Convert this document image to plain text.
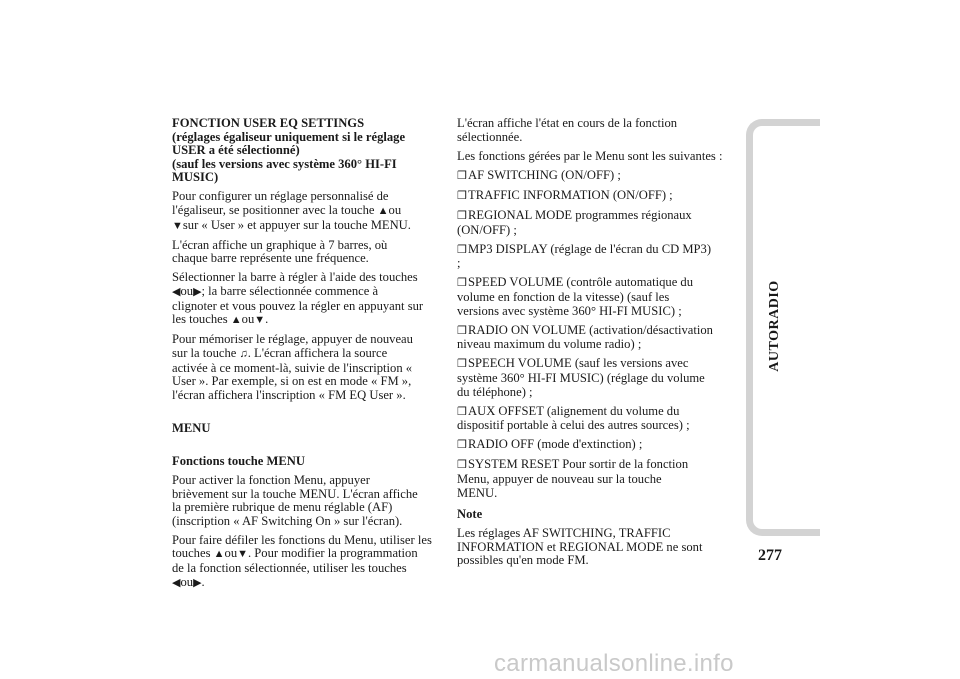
FONCTION USER EQ SETTINGS
(réglages égaliseur uniquement si le réglage
USER a été sélectionné)
(sauf les versions avec système 360° HI-FI
MUSIC)
Pour configurer un réglage personnalisé de
l'égaliseur, se positionner avec la touche ▲ou
▼sur « User » et appuyer sur la touche MENU.
L'écran affiche un graphique à 7 barres, où
chaque barre représente une fréquence.
Sélectionner la barre à régler à l'aide des touches
◀ou▶; la barre sélectionnée commence à
clignoter et vous pouvez la régler en appuyant sur
les touches ▲ou▼.
Pour mémoriser le réglage, appuyer de nouveau
sur la touche ♫. L'écran affichera la source
activée à ce moment-là, suivie de l'inscription «
User ». Par exemple, si on est en mode « FM »,
l'écran affichera l'inscription « FM EQ User ».
MENU
Fonctions touche MENU
Pour activer la fonction Menu, appuyer
brièvement sur la touche MENU. L'écran affiche
la première rubrique de menu réglable (AF)
(inscription « AF Switching On » sur l'écran).
Pour faire défiler les fonctions du Menu, utiliser les
touches ▲ou▼. Pour modifier la programmation
de la fonction sélectionnée, utiliser les touches
◀ou▶.
L'écran affiche l'état en cours de la fonction
sélectionnée.
Les fonctions gérées par le Menu sont les suivantes :
❒AF SWITCHING (ON/OFF) ;
❒TRAFFIC INFORMATION (ON/OFF) ;
❒REGIONAL MODE programmes régionaux
(ON/OFF) ;
❒MP3 DISPLAY (réglage de l'écran du CD MP3)
;
❒SPEED VOLUME (contrôle automatique du
volume en fonction de la vitesse) (sauf les
versions avec système 360° HI-FI MUSIC) ;
❒RADIO ON VOLUME (activation/désactivation
niveau maximum du volume radio) ;
❒SPEECH VOLUME (sauf les versions avec
système 360° HI-FI MUSIC) (réglage du volume
du téléphone) ;
❒AUX OFFSET (alignement du volume du
dispositif portable à celui des autres sources) ;
❒RADIO OFF (mode d'extinction) ;
❒SYSTEM RESET Pour sortir de la fonction
Menu, appuyer de nouveau sur la touche
MENU.
Note
Les réglages AF SWITCHING, TRAFFIC
INFORMATION et REGIONAL MODE ne sont
possibles qu'en mode FM.
AUTORADIO
277
carmanualsonline.info
